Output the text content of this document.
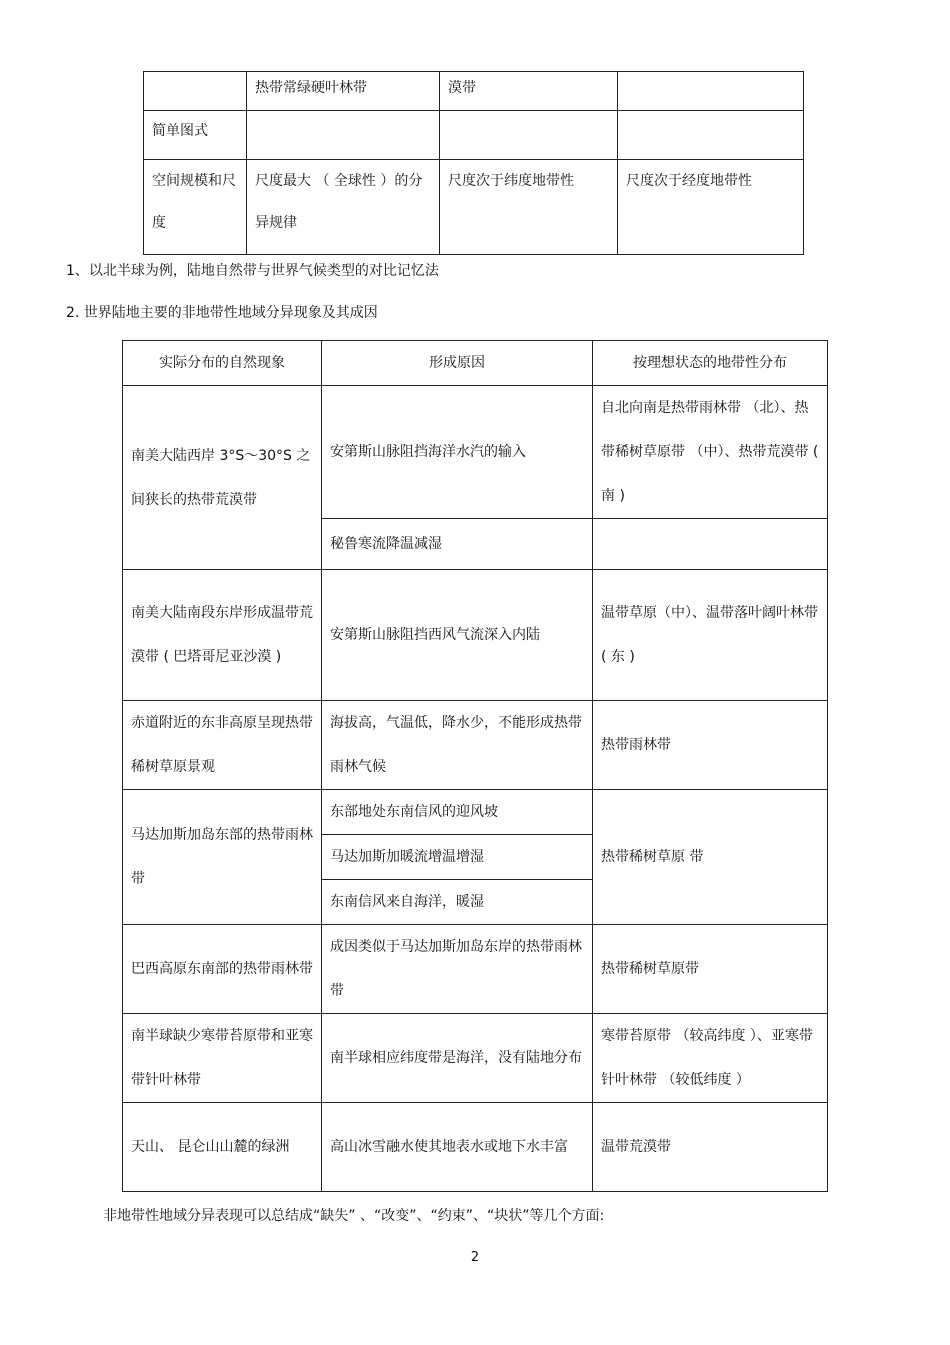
	热带常绿硬叶林带	漠带	
简单图式			
空间规模和尺度	尺度最大 （ 全球性 ）的分异规律	尺度次于纬度地带性	尺度次于经度地带性
1、以北半球为例，陆地自然带与世界气候类型的对比记忆法
2. 世界陆地主要的非地带性地域分异现象及其成因
实际分布的自然现象	形成原因	按理想状态的地带性分布
南美大陆西岸 3°S～30°S 之间狭长的热带荒漠带	安第斯山脉阻挡海洋水汽的输入	自北向南是热带雨林带 （北）、热带稀树草原带 （中）、热带荒漠带 ( 南 )
	秘鲁寒流降温减湿	
南美大陆南段东岸形成温带荒漠带 ( 巴塔哥尼亚沙漠 )	安第斯山脉阻挡西风气流深入内陆	温带草原（中）、温带落叶阔叶林带 ( 东 )
赤道附近的东非高原呈现热带稀树草原景观	海拔高，气温低，降水少，不能形成热带雨林气候	热带雨林带
马达加斯加岛东部的热带雨林带	东部地处东南信风的迎风坡	热带稀树草原 带
	马达加斯加暖流增温增湿	
	东南信风来自海洋，暖湿	
巴西高原东南部的热带雨林带	成因类似于马达加斯加岛东岸的热带雨林带	热带稀树草原带
南半球缺少寒带苔原带和亚寒带针叶林带	南半球相应纬度带是海洋，没有陆地分布	寒带苔原带 （较高纬度 ）、亚寒带针叶林带 （较低纬度 ）
天山、 昆仑山山麓的绿洲	高山冰雪融水使其地表水或地下水丰富	温带荒漠带
非地带性地域分异表现可以总结成“缺失” 、“改变”、“约束”、“块状”等几个方面:
2
